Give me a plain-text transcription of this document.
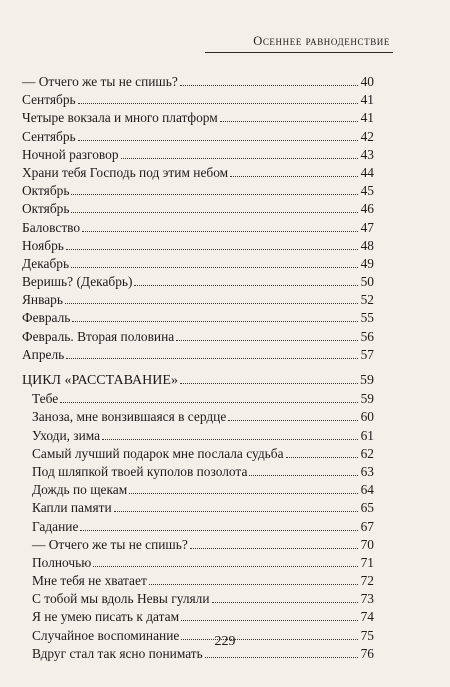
Осеннее равноденствие
— Отчего же ты не спишь?	40
Сентябрь	41
Четыре вокзала и много платформ	41
Сентябрь	42
Ночной разговор	43
Храни тебя Господь под этим небом	44
Октябрь	45
Октябрь	46
Баловство	47
Ноябрь	48
Декабрь	49
Веришь? (Декабрь)	50
Январь	52
Февраль	55
Февраль. Вторая половина	56
Апрель	57
ЦИКЛ «РАССТАВАНИЕ»	59
Тебе	59
Заноза, мне вонзившаяся в сердце	60
Уходи, зима	61
Самый лучший подарок мне послала судьба	62
Под шляпкой твоей куполов позолота	63
Дождь по щекам	64
Капли памяти	65
Гадание	67
— Отчего же ты не спишь?	70
Полночью	71
Мне тебя не хватает	72
С тобой мы вдоль Невы гуляли	73
Я не умею писать к датам	74
Случайное воспоминание	75
Вдруг стал так ясно понимать	76
229
